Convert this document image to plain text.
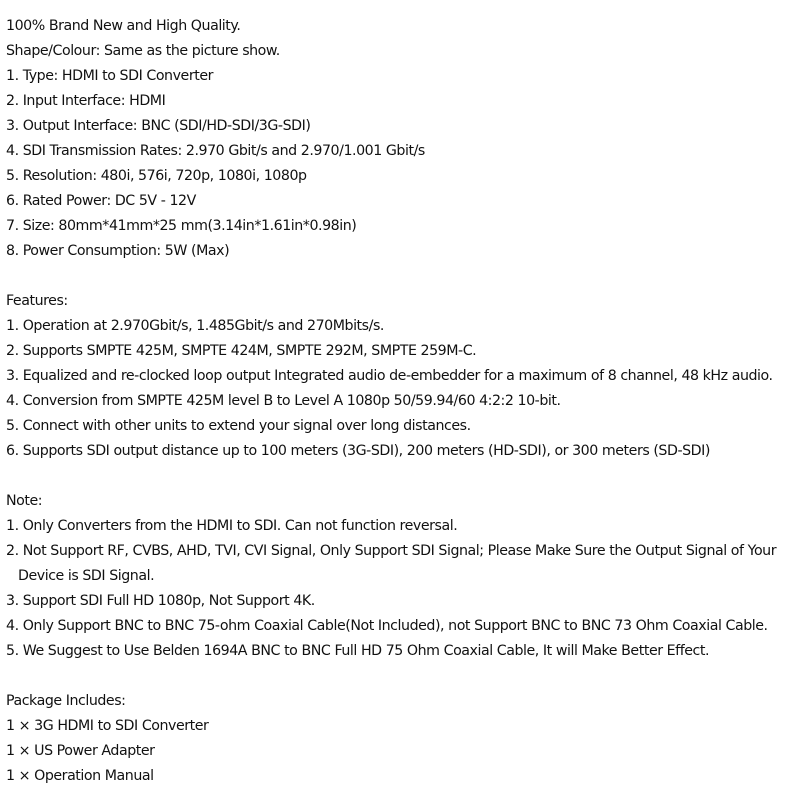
100% Brand New and High Quality.
Shape/Colour: Same as the picture show.
1. Type: HDMI to SDI Converter
2. Input Interface: HDMI
3. Output Interface: BNC (SDI/HD-SDI/3G-SDI)
4. SDI Transmission Rates: 2.970 Gbit/s and 2.970/1.001 Gbit/s
5. Resolution: 480i, 576i, 720p, 1080i, 1080p
6. Rated Power: DC 5V - 12V
7. Size: 80mm*41mm*25 mm(3.14in*1.61in*0.98in)
8. Power Consumption: 5W (Max)
Features:
1. Operation at 2.970Gbit/s, 1.485Gbit/s and 270Mbits/s.
2. Supports SMPTE 425M, SMPTE 424M, SMPTE 292M, SMPTE 259M-C.
3. Equalized and re-clocked loop output Integrated audio de-embedder for a maximum of 8 channel, 48 kHz audio.
4. Conversion from SMPTE 425M level B to Level A 1080p 50/59.94/60 4:2:2 10-bit.
5. Connect with other units to extend your signal over long distances.
6. Supports SDI output distance up to 100 meters (3G-SDI), 200 meters (HD-SDI), or 300 meters (SD-SDI)
Note:
1. Only Converters from the HDMI to SDI. Can not function reversal.
2. Not Support RF, CVBS, AHD, TVI, CVI Signal, Only Support SDI Signal; Please Make Sure the Output Signal of Your Device is SDI Signal.
3. Support SDI Full HD 1080p, Not Support 4K.
4. Only Support BNC to BNC 75-ohm Coaxial Cable(Not Included), not Support BNC to BNC 73 Ohm Coaxial Cable.
5. We Suggest to Use Belden 1694A BNC to BNC Full HD 75 Ohm Coaxial Cable, It will Make Better Effect.
Package Includes:
1 × 3G HDMI to SDI Converter
1 × US Power Adapter
1 × Operation Manual
